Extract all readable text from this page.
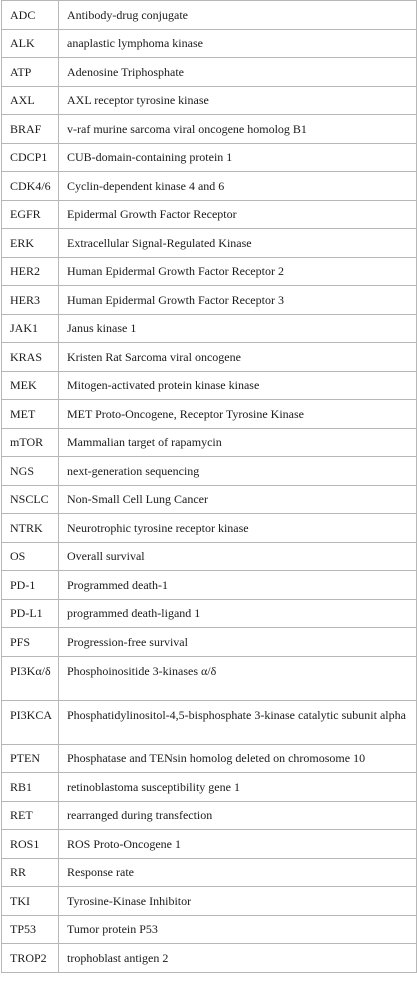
ADC	Antibody-drug conjugate
ALK	anaplastic lymphoma kinase
ATP	Adenosine Triphosphate
AXL	AXL receptor tyrosine kinase
BRAF	v-raf murine sarcoma viral oncogene homolog B1
CDCP1	CUB-domain-containing protein 1
CDK4/6	Cyclin-dependent kinase 4 and 6
EGFR	Epidermal Growth Factor Receptor
ERK	Extracellular Signal-Regulated Kinase
HER2	Human Epidermal Growth Factor Receptor 2
HER3	Human Epidermal Growth Factor Receptor 3
JAK1	Janus kinase 1
KRAS	Kristen Rat Sarcoma viral oncogene
MEK	Mitogen-activated protein kinase kinase
MET	MET Proto-Oncogene, Receptor Tyrosine Kinase
mTOR	Mammalian target of rapamycin
NGS	next-generation sequencing
NSCLC	Non-Small Cell Lung Cancer
NTRK	Neurotrophic tyrosine receptor kinase
OS	Overall survival
PD-1	Programmed death-1
PD-L1	programmed death-ligand 1
PFS	Progression-free survival
PI3Kα/δ	Phosphoinositide 3-kinases α/δ
PI3KCA	Phosphatidylinositol-4,5-bisphosphate 3-kinase catalytic subunit alpha
PTEN	Phosphatase and TENsin homolog deleted on chromosome 10
RB1	retinoblastoma susceptibility gene 1
RET	rearranged during transfection
ROS1	ROS Proto-Oncogene 1
RR	Response rate
TKI	Tyrosine-Kinase Inhibitor
TP53	Tumor protein P53
TROP2	trophoblast antigen 2
